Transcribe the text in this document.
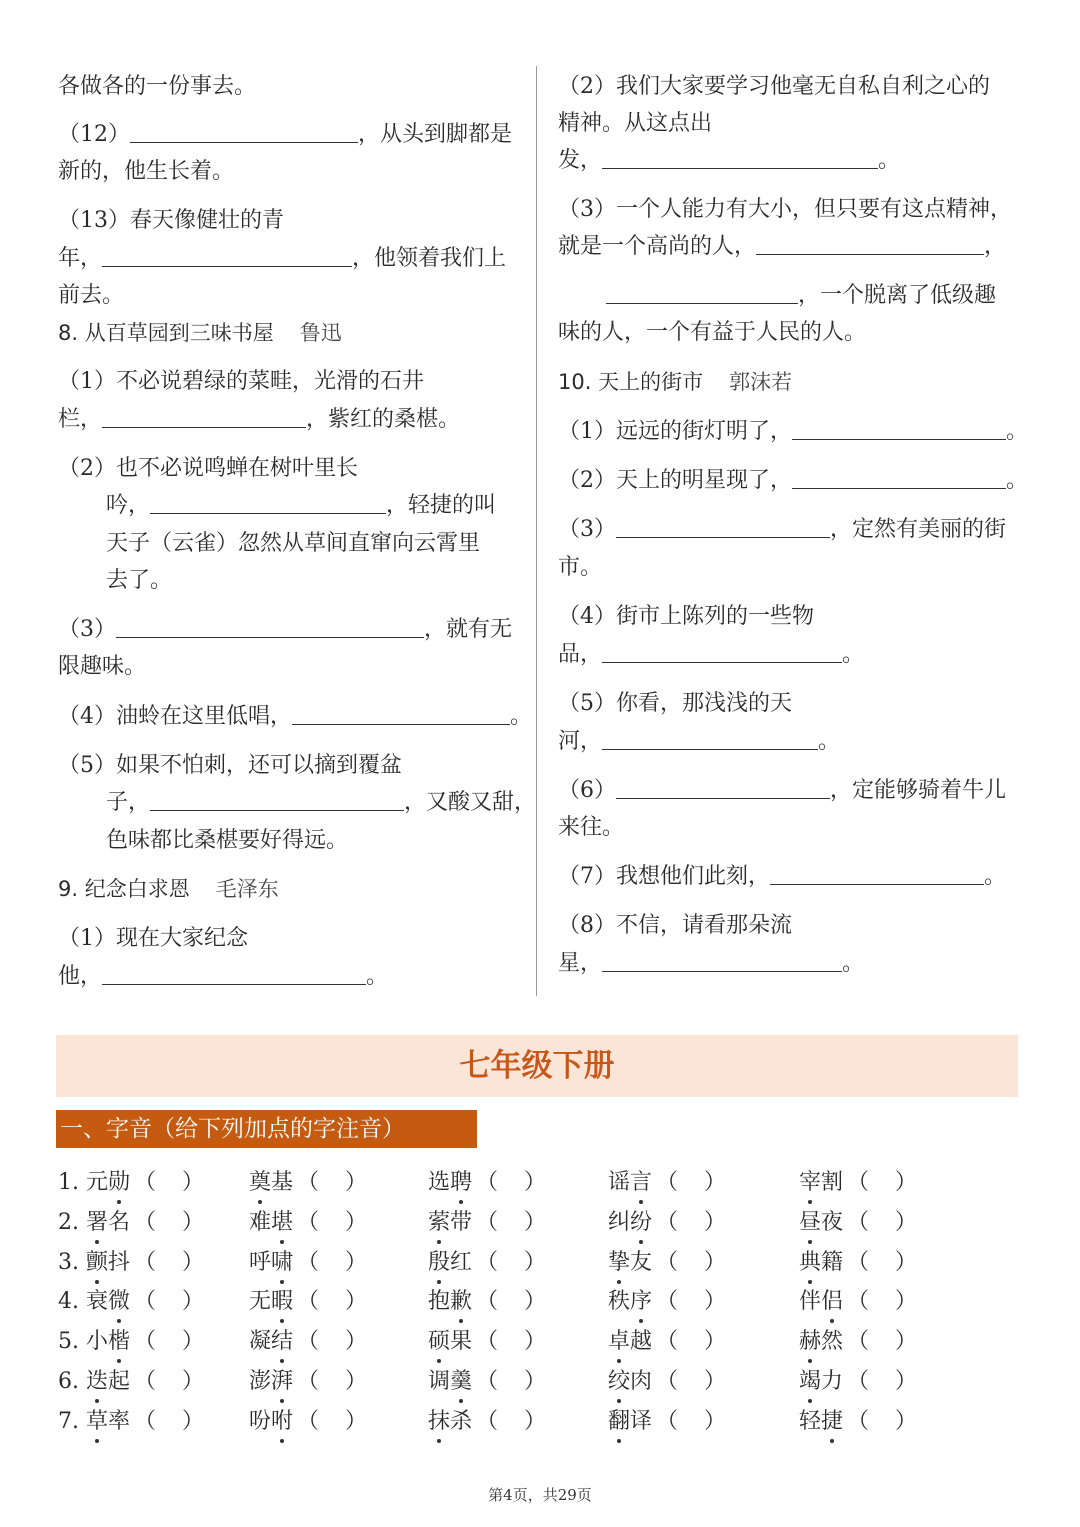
各做各的一份事去。
（12）	，从头到脚都是
新的，他生长着。
（13）春天像健壮的青
年，	，他领着我们上
前去。
8. 从百草园到三味书屋 鲁迅
（1）不必说碧绿的菜畦，光滑的石井
栏，	，紫红的桑椹。
（2）也不必说鸣蝉在树叶里长
吟，	，轻捷的叫
天子（云雀）忽然从草间直窜向云霄里
去了。
（3）	，就有无
限趣味。
（4）油蛉在这里低唱，	。
（5）如果不怕刺，还可以摘到覆盆
子，	，又酸又甜，
色味都比桑椹要好得远。
9. 纪念白求恩 毛泽东
（1）现在大家纪念
他，	。
（2）我们大家要学习他毫无自私自利之心的
精神。从这点出
发，	。
（3）一个人能力有大小，但只要有这点精神，
就是一个高尚的人，	，
，一个脱离了低级趣
味的人，一个有益于人民的人。
10. 天上的街市 郭沫若
（1）远远的街灯明了，	。
（2）天上的明星现了，	。
（3）	，定然有美丽的街
市。
（4）街市上陈列的一些物
品，	。
（5）你看，那浅浅的天
河，	。
（6）	，定能够骑着牛儿
来往。
（7）我想他们此刻，	。
（8）不信，请看那朵流
星，	。
七年级下册
一、字音（给下列加点的字注音）
1. 元勋 （ ） 奠基 （ ）	选聘 （ ）	谣言 （ ）	宰割 （ ）
2. 署名 （ ） 难堪 （ ）	萦带 （ ）	纠纷 （ ）	昼夜 （ ）
3. 颤抖 （ ） 呼啸 （ ）	殷红 （ ）	挚友 （ ）	典籍 （ ）
4. 衰微 （ ） 无暇 （ ）	抱歉 （ ）	秩序 （ ）	伴侣 （ ）
5. 小楷 （ ） 凝结 （ ）	硕果 （ ）	卓越 （ ）	赫然 （ ）
6. 迭起 （ ） 澎湃 （ ）	调羹 （ ）	绞肉 （ ）	竭力 （ ）
7. 草率 （ ） 吩咐 （ ）	抹杀 （ ）	翻译 （ ）	轻捷 （ ）
第4页，共29页
